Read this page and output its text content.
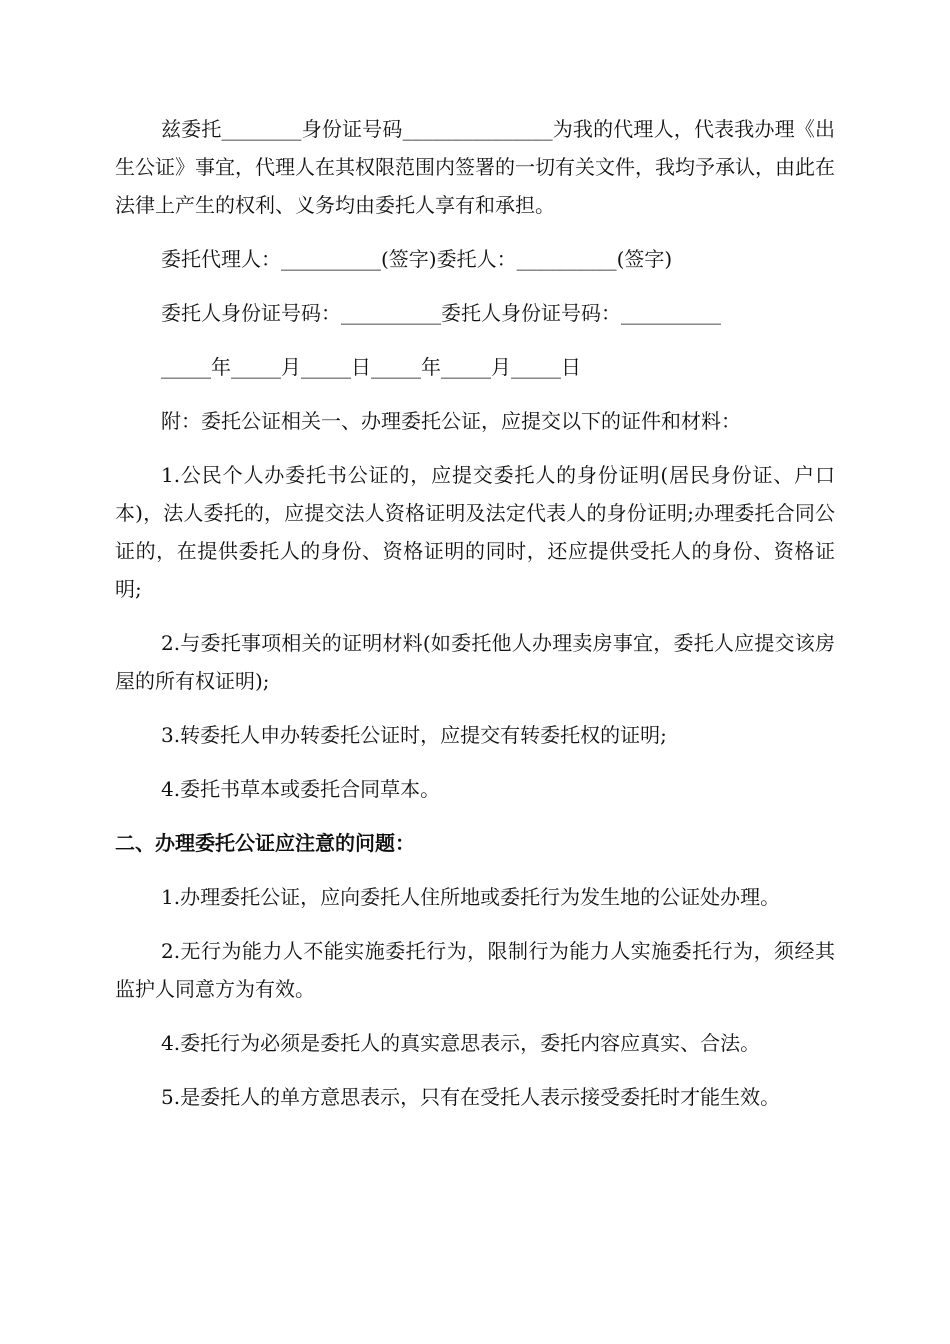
兹委托________身份证号码_______________为我的代理人，代表我办理《出生公证》事宜，代理人在其权限范围内签署的一切有关文件，我均予承认，由此在法律上产生的权利、义务均由委托人享有和承担。

委托代理人：__________(签字)委托人：__________(签字)

委托人身份证号码：__________委托人身份证号码：__________

_____年_____月_____日_____年_____月_____日

附：委托公证相关一、办理委托公证，应提交以下的证件和材料：

1.公民个人办委托书公证的，应提交委托人的身份证明(居民身份证、户口本)，法人委托的，应提交法人资格证明及法定代表人的身份证明;办理委托合同公证的，在提供委托人的身份、资格证明的同时，还应提供受托人的身份、资格证明;

2.与委托事项相关的证明材料(如委托他人办理卖房事宜，委托人应提交该房屋的所有权证明);

3.转委托人申办转委托公证时，应提交有转委托权的证明;

4.委托书草本或委托合同草本。

二、办理委托公证应注意的问题：

1.办理委托公证，应向委托人住所地或委托行为发生地的公证处办理。

2.无行为能力人不能实施委托行为，限制行为能力人实施委托行为，须经其监护人同意方为有效。

4.委托行为必须是委托人的真实意思表示，委托内容应真实、合法。

5.是委托人的单方意思表示，只有在受托人表示接受委托时才能生效。
